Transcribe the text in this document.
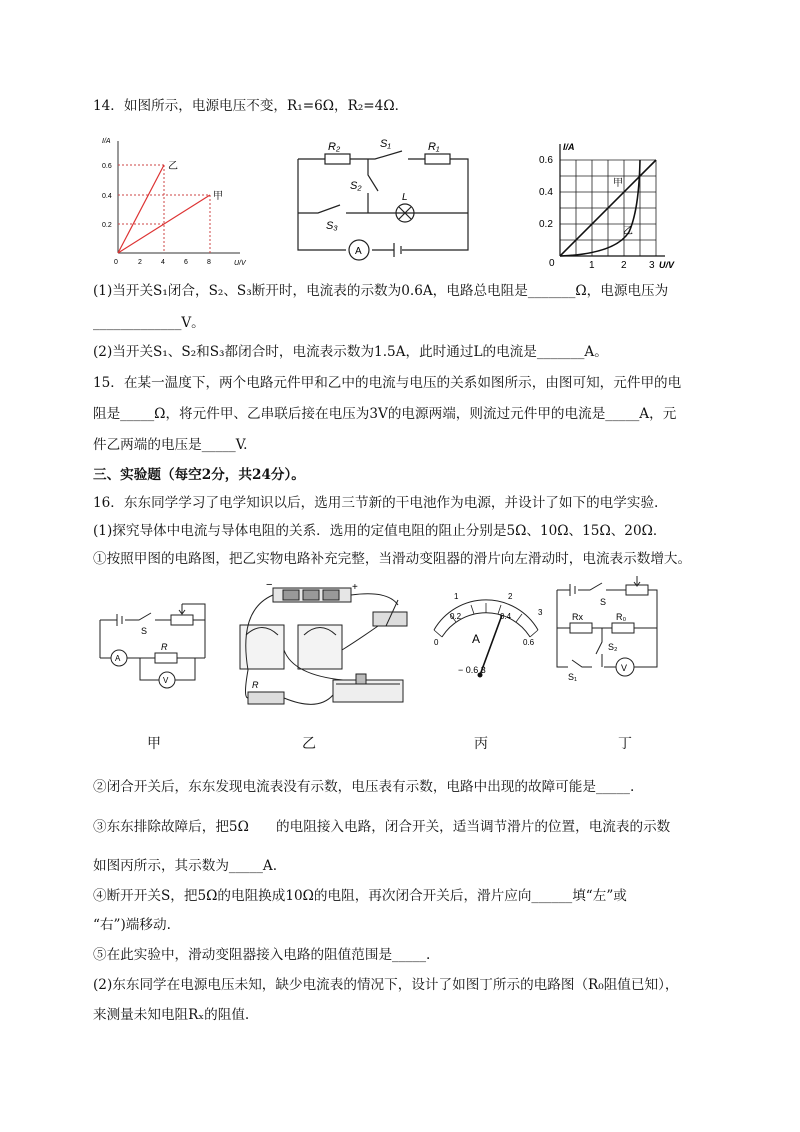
14．如图所示，电源电压不变，R₁=6Ω，R₂=4Ω．
I/A
U/V
0.6
0.4
0.2
0	2	4	6	8
乙
甲
R₂	S₁	R₁
S₂
L
S₃
A
I/A
U/V
0.6
0.4
0.2
0	1	2 3
甲
乙
(1)当开关S₁闭合，S₂、S₃断开时，电流表的示数为0.6A，电路总电阻是_______Ω，电源电压为
_____________V。
(2)当开关S₁、S₂和S₃都闭合时，电流表示数为1.5A，此时通过L的电流是_______A。
15．在某一温度下，两个电路元件甲和乙中的电流与电压的关系如图所示，由图可知，元件甲的电
阻是_____Ω，将元件甲、乙串联后接在电压为3V的电源两端，则流过元件甲的电流是_____A，元
件乙两端的电压是_____V.
三、实验题（每空2分，共24分）。
16．东东同学学习了电学知识以后，选用三节新的干电池作为电源，并设计了如下的电学实验.
(1)探究导体中电流与导体电阻的关系．选用的定值电阻的阻止分别是5Ω、10Ω、15Ω、20Ω．
①按照甲图的电路图，把乙实物电路补充完整，当滑动变阻器的滑片向左滑动时，电流表示数增大。
S
R
A
V
−	+
R
0
0.2	0.4
0.6
1	2
3
A
− 0.6 3
S
Rx	R₀
S₂
S₁
V
甲	乙	丙	丁
②闭合开关后，东东发现电流表没有示数，电压表有示数，电路中出现的故障可能是_____.
③东东排除故障后，把5Ω　　的电阻接入电路，闭合开关，适当调节滑片的位置，电流表的示数
如图丙所示，其示数为_____A.
④断开开关S，把5Ω的电阻换成10Ω的电阻，再次闭合开关后，滑片应向______填“左”或
“右”)端移动.
⑤在此实验中，滑动变阻器接入电路的阻值范围是_____.
(2)东东同学在电源电压未知，缺少电流表的情况下，设计了如图丁所示的电路图（R₀阻值已知），
来测量未知电阻Rₓ的阻值.
